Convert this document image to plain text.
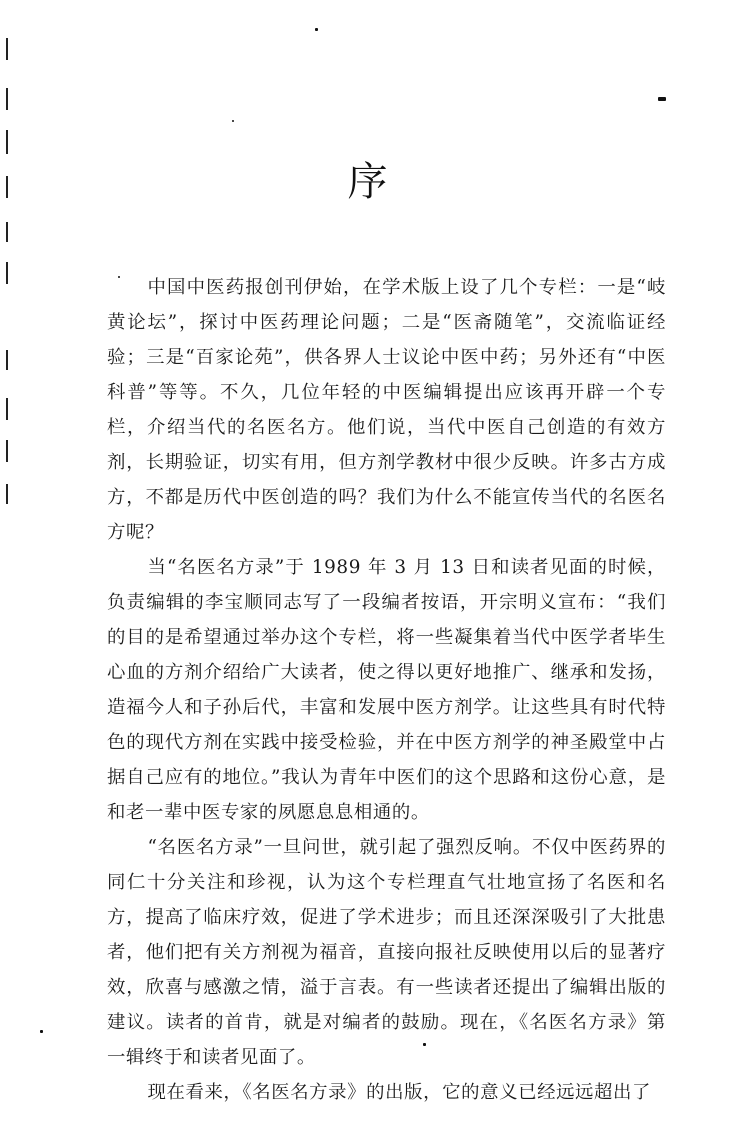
序

中国中医药报创刊伊始，在学术版上设了几个专栏：一是“岐黄论坛”，探讨中医药理论问题；二是“医斋随笔”，交流临证经验；三是“百家论苑”，供各界人士议论中医中药；另外还有“中医科普”等等。不久，几位年轻的中医编辑提出应该再开辟一个专栏，介绍当代的名医名方。他们说，当代中医自己创造的有效方剂，长期验证，切实有用，但方剂学教材中很少反映。许多古方成方，不都是历代中医创造的吗？我们为什么不能宣传当代的名医名方呢？

当“名医名方录”于 1989 年 3 月 13 日和读者见面的时候，负责编辑的李宝顺同志写了一段编者按语，开宗明义宣布：“我们的目的是希望通过举办这个专栏，将一些凝集着当代中医学者毕生心血的方剂介绍给广大读者，使之得以更好地推广、继承和发扬，造福今人和子孙后代，丰富和发展中医方剂学。让这些具有时代特色的现代方剂在实践中接受检验，并在中医方剂学的神圣殿堂中占据自己应有的地位。”我认为青年中医们的这个思路和这份心意，是和老一辈中医专家的夙愿息息相通的。

“名医名方录”一旦问世，就引起了强烈反响。不仅中医药界的同仁十分关注和珍视，认为这个专栏理直气壮地宣扬了名医和名方，提高了临床疗效，促进了学术进步；而且还深深吸引了大批患者，他们把有关方剂视为福音，直接向报社反映使用以后的显著疗效，欣喜与感激之情，溢于言表。有一些读者还提出了编辑出版的建议。读者的首肯，就是对编者的鼓励。现在，《名医名方录》第一辑终于和读者见面了。

现在看来，《名医名方录》的出版，它的意义已经远远超出了
